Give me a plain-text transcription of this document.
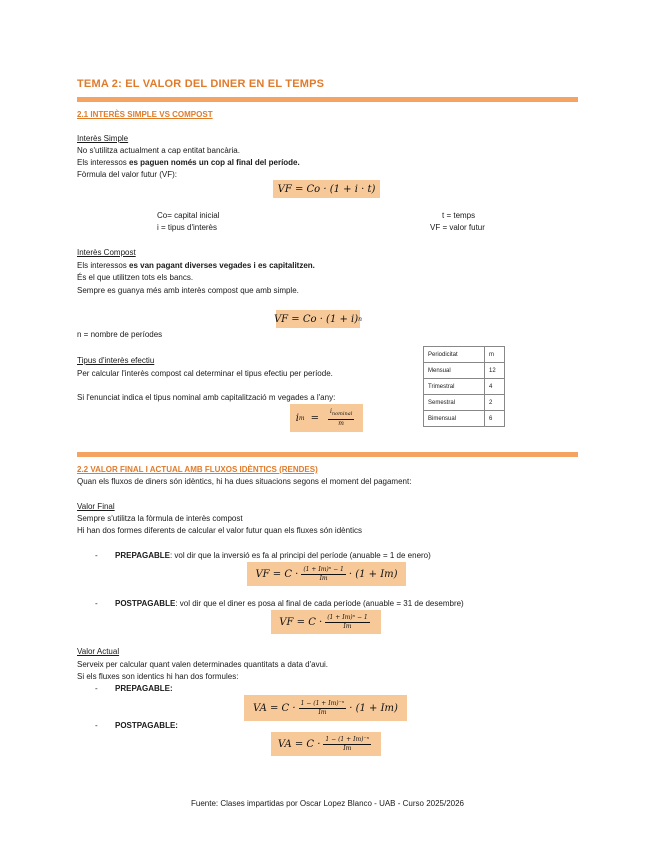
TEMA 2: EL VALOR DEL DINER EN EL TEMPS
2.1 INTERÈS SIMPLE VS COMPOST
Interès Simple
No s'utilitza actualment a cap entitat bancària.
Els interessos es paguen només un cop al final del període.
Fòrmula del valor futur (VF):
VF = Co · (1 + i · t)
Co= capital inicial
i = tipus d'interès
t = temps
VF = valor futur
Interès Compost
Els interessos es van pagant diverses vegades i es capitalitzen.
És el que utilitzen tots els bancs.
Sempre es guanya més amb interès compost que amb simple.
VF = Co · (1 + i) n
n = nombre de períodes
Tipus d'interès efectiu
Per calcular l'interès compost cal determinar el tipus efectiu per període.
Si l'enunciat indica el tipus nominal amb capitalització m vegades a l'any:
i $m = \frac{i_{nominal}}{m}$
Periodicitat	m
Mensual	12
Trimestral	4
Semestral	2
Bimensual	6
2.2 VALOR FINAL I ACTUAL AMB FLUXOS IDÈNTICS (RENDES)
Quan els fluxos de diners són idèntics, hi ha dues situacions segons el moment del pagament:
Valor Final
Sempre s'utilitza la fòrmula de interès compost
Hi han dos formes diferents de calcular el valor futur quan els fluxes són idèntics
- PREPAGABLE: vol dir que la inversió es fa al principi del període (anuable = 1 de enero)
VF = $C \cdot \frac{\text{(1 + Im)ⁿ − 1}}{Im} \cdot (1 + Im)$
- POSTPAGABLE: vol dir que el diner es posa al final de cada període (anuable = 31 de desembre)
VF = $C \cdot \frac{\text{(1 + Im)ⁿ − 1}}{Im}$
Valor Actual
Serveix per calcular quant valen determinades quantitats a data d'avui.
Si els fluxes son identics hi han dos formules:
- PREPAGABLE:
VA = $C \cdot \frac{\text{1 − (1 + Im)⁻ⁿ}}{Im} \cdot (1 + Im)$
- POSTPAGABLE:
VA = $C \cdot \frac{\text{1 − (1 + Im)⁻ⁿ}}{Im}$
Fuente: Clases impartidas por Oscar Lopez Blanco - UAB - Curso 2025/2026
